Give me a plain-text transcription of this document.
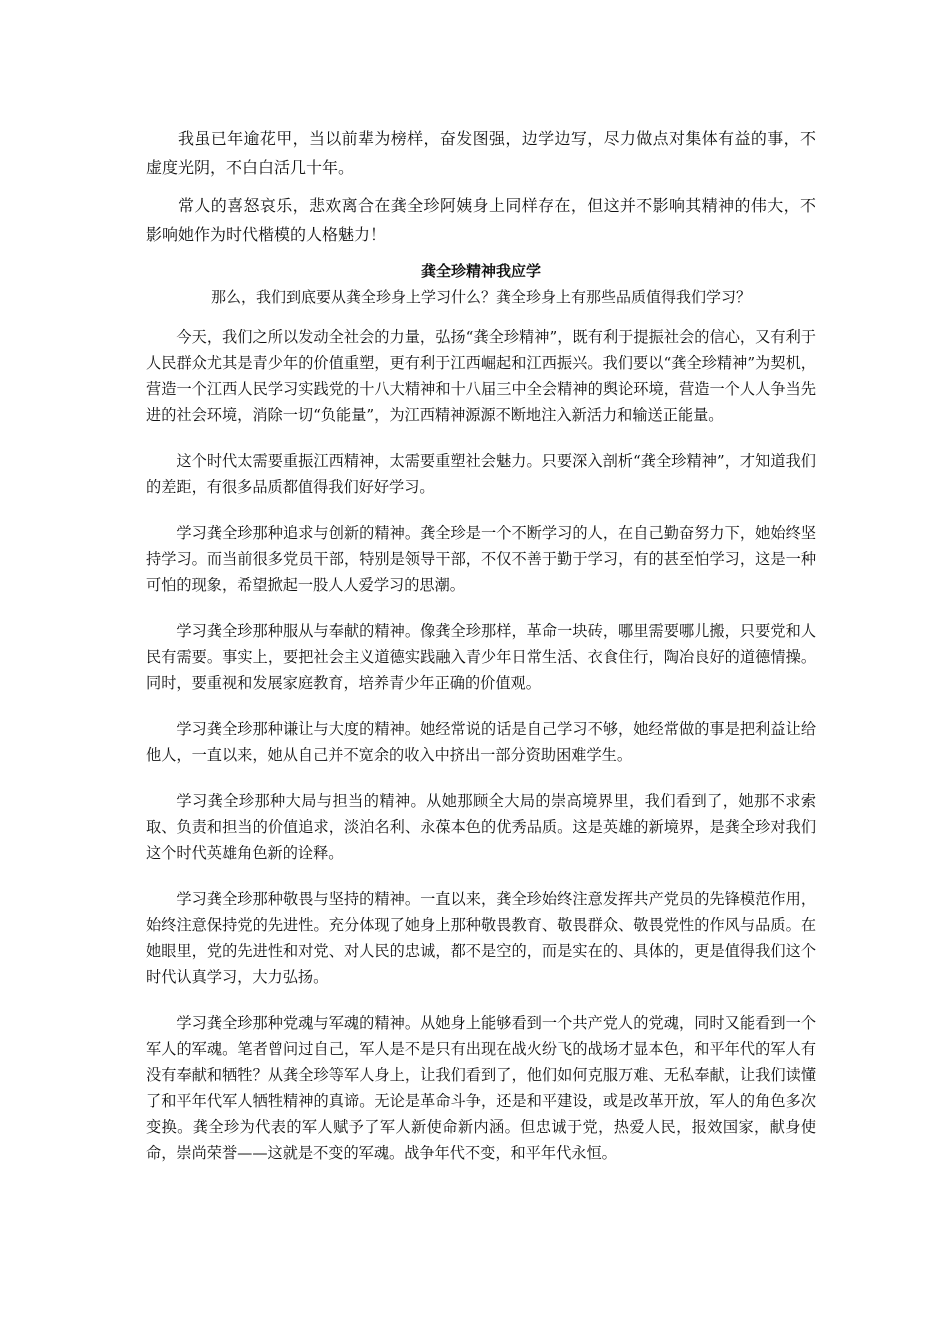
我虽已年逾花甲，当以前辈为榜样，奋发图强，边学边写，尽力做点对集体有益的事，不虚度光阴，不白白活几十年。

常人的喜怒哀乐，悲欢离合在龚全珍阿姨身上同样存在，但这并不影响其精神的伟大，不影响她作为时代楷模的人格魅力！

龚全珍精神我应学
那么，我们到底要从龚全珍身上学习什么？龚全珍身上有那些品质值得我们学习？

今天，我们之所以发动全社会的力量，弘扬“龚全珍精神”，既有利于提振社会的信心，又有利于人民群众尤其是青少年的价值重塑，更有利于江西崛起和江西振兴。我们要以“龚全珍精神”为契机，营造一个江西人民学习实践党的十八大精神和十八届三中全会精神的舆论环境，营造一个人人争当先进的社会环境，消除一切“负能量”，为江西精神源源不断地注入新活力和输送正能量。

这个时代太需要重振江西精神，太需要重塑社会魅力。只要深入剖析“龚全珍精神”，才知道我们的差距，有很多品质都值得我们好好学习。

学习龚全珍那种追求与创新的精神。龚全珍是一个不断学习的人，在自己勤奋努力下，她始终坚持学习。而当前很多党员干部，特别是领导干部，不仅不善于勤于学习，有的甚至怕学习，这是一种可怕的现象，希望掀起一股人人爱学习的思潮。

学习龚全珍那种服从与奉献的精神。像龚全珍那样，革命一块砖，哪里需要哪儿搬，只要党和人民有需要。事实上，要把社会主义道德实践融入青少年日常生活、衣食住行，陶冶良好的道德情操。同时，要重视和发展家庭教育，培养青少年正确的价值观。

学习龚全珍那种谦让与大度的精神。她经常说的话是自己学习不够，她经常做的事是把利益让给他人，一直以来，她从自己并不宽余的收入中挤出一部分资助困难学生。

学习龚全珍那种大局与担当的精神。从她那顾全大局的崇高境界里，我们看到了，她那不求索取、负责和担当的价值追求，淡泊名利、永葆本色的优秀品质。这是英雄的新境界，是龚全珍对我们这个时代英雄角色新的诠释。

学习龚全珍那种敬畏与坚持的精神。一直以来，龚全珍始终注意发挥共产党员的先锋模范作用，始终注意保持党的先进性。充分体现了她身上那种敬畏教育、敬畏群众、敬畏党性的作风与品质。在她眼里，党的先进性和对党、对人民的忠诚，都不是空的，而是实在的、具体的，更是值得我们这个时代认真学习，大力弘扬。

学习龚全珍那种党魂与军魂的精神。从她身上能够看到一个共产党人的党魂，同时又能看到一个军人的军魂。笔者曾问过自己，军人是不是只有出现在战火纷飞的战场才显本色，和平年代的军人有没有奉献和牺牲？从龚全珍等军人身上，让我们看到了，他们如何克服万难、无私奉献，让我们读懂了和平年代军人牺牲精神的真谛。无论是革命斗争，还是和平建设，或是改革开放，军人的角色多次变换。龚全珍为代表的军人赋予了军人新使命新内涵。但忠诚于党，热爱人民，报效国家，献身使命，崇尚荣誉——这就是不变的军魂。战争年代不变，和平年代永恒。
